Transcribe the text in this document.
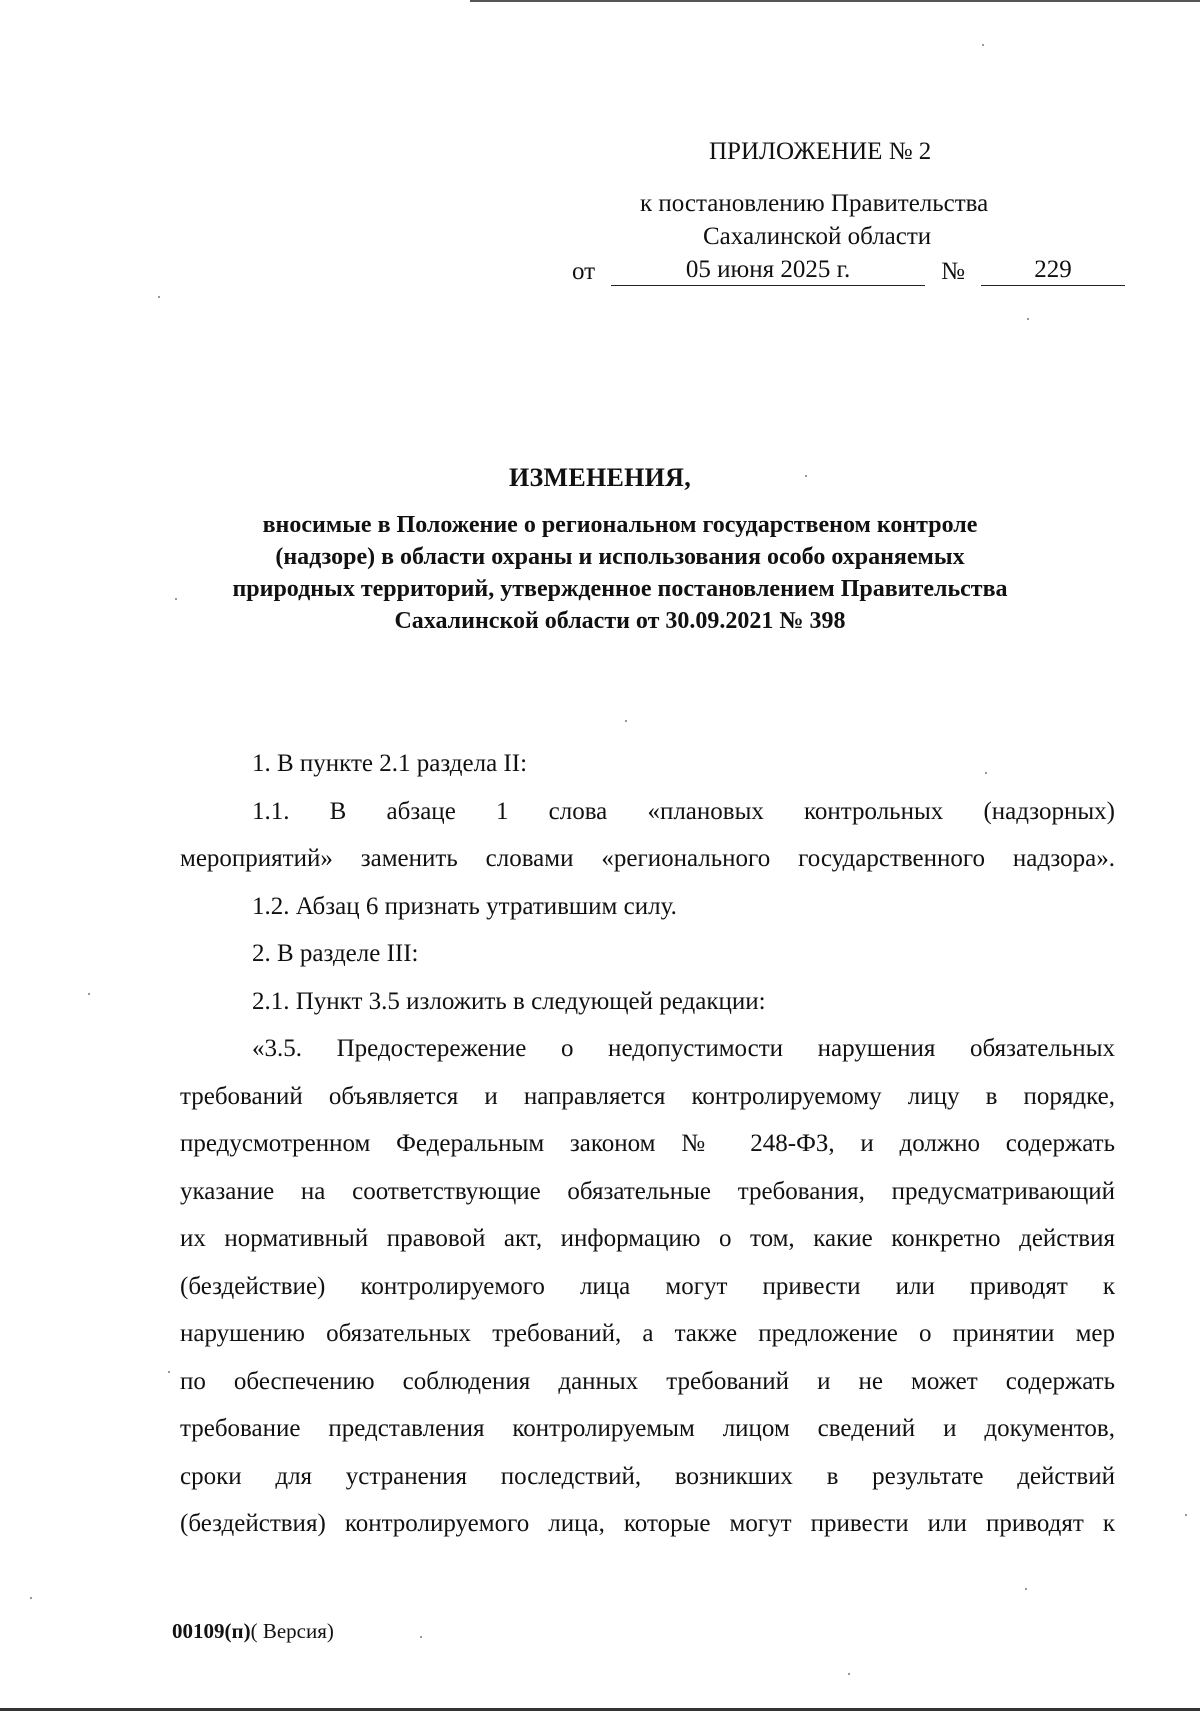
ПРИЛОЖЕНИЕ № 2
к постановлению Правительства
Сахалинской области
от	05 июня 2025 г.	№	229
ИЗМЕНЕНИЯ,
вносимые в Положение о региональном государственом контроле
(надзоре) в области охраны и использования особо охраняемых
природных территорий, утвержденное постановлением Правительства
Сахалинской области от 30.09.2021 № 398
1. В пункте 2.1 раздела II:
1.1. В абзаце 1 слова «плановых контрольных (надзорных)
мероприятий» заменить словами «регионального государственного надзора».
1.2. Абзац 6 признать утратившим силу.
2. В разделе III:
2.1. Пункт 3.5 изложить в следующей редакции:
«3.5. Предостережение о недопустимости нарушения обязательных
требований объявляется и направляется контролируемому лицу в порядке,
предусмотренном Федеральным законом № 248-ФЗ, и должно содержать
указание на соответствующие обязательные требования, предусматривающий
их нормативный правовой акт, информацию о том, какие конкретно действия
(бездействие) контролируемого лица могут привести или приводят к
нарушению обязательных требований, а также предложение о принятии мер
по обеспечению соблюдения данных требований и не может содержать
требование представления контролируемым лицом сведений и документов,
сроки для устранения последствий, возникших в результате действий
(бездействия) контролируемого лица, которые могут привести или приводят к
00109(п)( Версия)
